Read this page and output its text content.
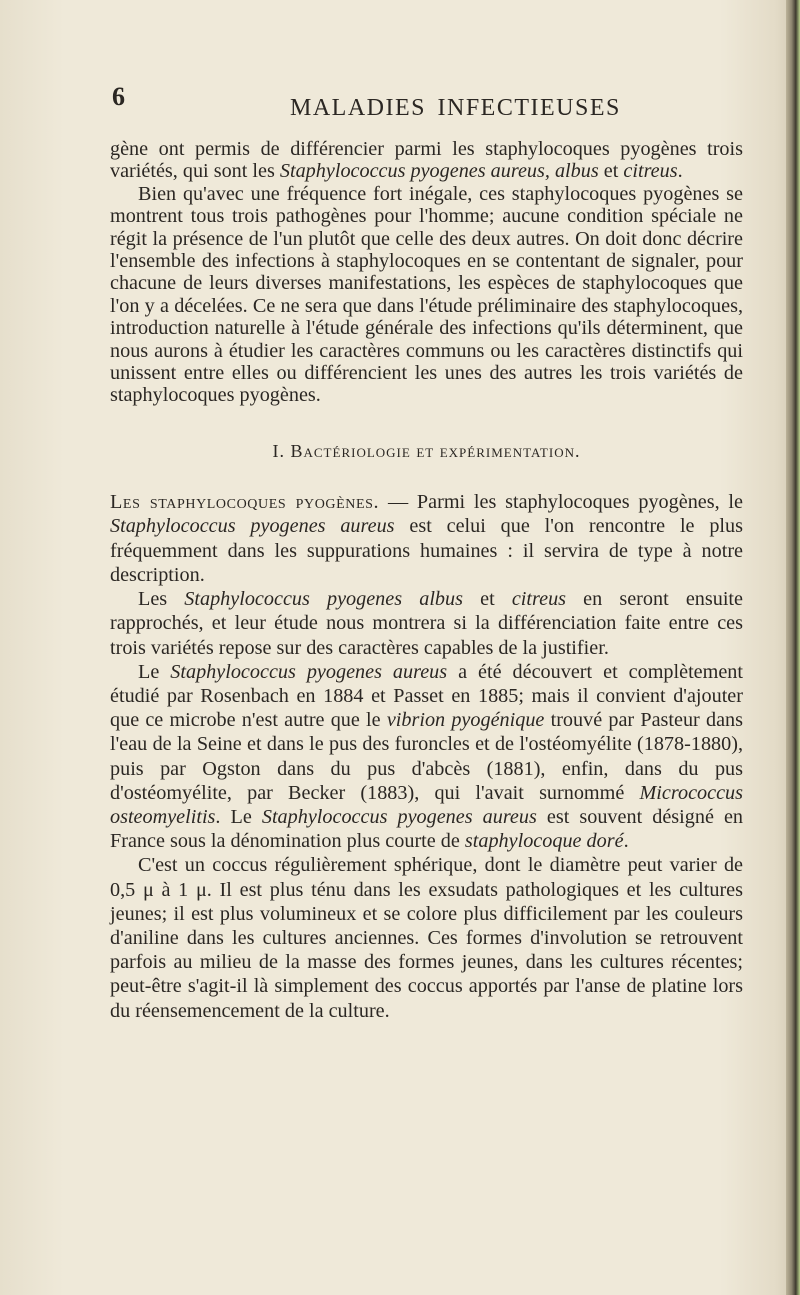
6	MALADIES INFECTIEUSES

gène ont permis de différencier parmi les staphylocoques pyogènes trois variétés, qui sont les Staphylococcus pyogenes aureus, albus et citreus.

Bien qu'avec une fréquence fort inégale, ces staphylocoques pyogènes se montrent tous trois pathogènes pour l'homme; aucune condition spéciale ne régit la présence de l'un plutôt que celle des deux autres. On doit donc décrire l'ensemble des infections à staphylocoques en se contentant de signaler, pour chacune de leurs diverses manifestations, les espèces de staphylocoques que l'on y a décelées. Ce ne sera que dans l'étude préliminaire des staphylocoques, introduction naturelle à l'étude générale des infections qu'ils déterminent, que nous aurons à étudier les caractères communs ou les caractères distinctifs qui unissent entre elles ou différencient les unes des autres les trois variétés de staphylocoques pyogènes.

I. Bactériologie et expérimentation.

Les staphylocoques pyogènes. — Parmi les staphylocoques pyogènes, le Staphylococcus pyogenes aureus est celui que l'on rencontre le plus fréquemment dans les suppurations humaines : il servira de type à notre description.

Les Staphylococcus pyogenes albus et citreus en seront ensuite rapprochés, et leur étude nous montrera si la différenciation faite entre ces trois variétés repose sur des caractères capables de la justifier.

Le Staphylococcus pyogenes aureus a été découvert et complètement étudié par Rosenbach en 1884 et Passet en 1885; mais il convient d'ajouter que ce microbe n'est autre que le vibrion pyogénique trouvé par Pasteur dans l'eau de la Seine et dans le pus des furoncles et de l'ostéomyélite (1878-1880), puis par Ogston dans du pus d'abcès (1881), enfin, dans du pus d'ostéomyélite, par Becker (1883), qui l'avait surnommé Micrococcus osteomyelitis. Le Staphylococcus pyogenes aureus est souvent désigné en France sous la dénomination plus courte de staphylocoque doré.

C'est un coccus régulièrement sphérique, dont le diamètre peut varier de 0,5 μ à 1 μ. Il est plus ténu dans les exsudats pathologiques et les cultures jeunes; il est plus volumineux et se colore plus difficilement par les couleurs d'aniline dans les cultures anciennes. Ces formes d'involution se retrouvent parfois au milieu de la masse des formes jeunes, dans les cultures récentes; peut-être s'agit-il là simplement des coccus apportés par l'anse de platine lors du réensemencement de la culture.
